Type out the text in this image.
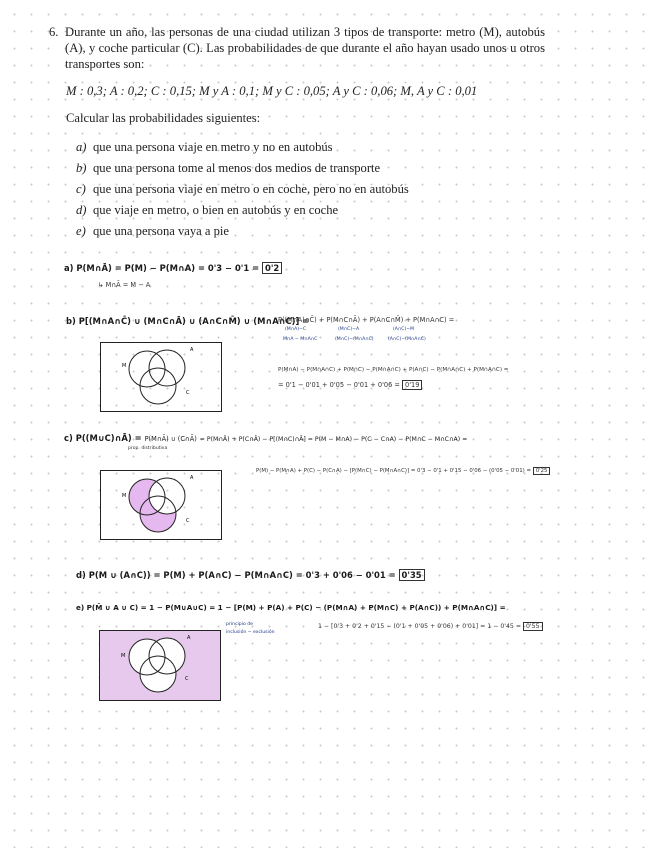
6. Durante un año, las personas de una ciudad utilizan 3 tipos de transporte: metro (M), autobús (A), y coche particular (C). Las probabilidades de que durante el año hayan usado unos u otros transportes son:
M : 0,3; A : 0,2; C : 0,15; M y A : 0,1; M y C : 0,05; A y C : 0,06; M, A y C : 0,01
Calcular las probabilidades siguientes:
a) que una persona viaje en metro y no en autobús
b) que una persona tome al menos dos medios de transporte
c) que una persona viaje en metro o en coche, pero no en autobús
d) que viaje en metro, o bien en autobús y en coche
e) que una persona vaya a pie
a) P(M∩Ā) = P(M) − P(M∩A) = 0'3 − 0'1 = 0'2
↳ M∩Ā = M − A
b) P[(M∩A∩C̄) ∪ (M∩C∩Ā) ∪ (A∩C∩M̄) ∪ (M∩A∩C)] =
P((M∩A)∩C̄) + P(M∩C∩Ā) + P(A∩C∩M̄) + P(M∩A∩C) =
(M∩A)−C
M∩A − M∩A∩C
(M∩C)−A
(M∩C)−(M∩A∩C)
(A∩C)−M
(A∩C)−(M∩A∩C)
P(M∩A) − P(M∩A∩C) + P(M∩C) − P(M∩A∩C) + P(A∩C) − P(M∩A∩C) + P(M∩A∩C) =
= 0'1 − 0'01 + 0'05 − 0'01 + 0'06 = 0'19
M
A
C
c) P((M∪C)∩Ā) = P(M∩Ā) ∪ (C∩Ā) = P(M∩Ā) + P(C∩Ā) − P[(M∩C)∩Ā] = P(M − M∩A) − P(C − C∩A) − P(M∩C − M∩C∩A) =
prop. distributiva
P(M) − P(M∩A) + P(C) − P(C∩A) − [P(M∩C) − P(M∩A∩C)] = 0'3 − 0'1 + 0'15 − 0'06 − (0'05 − 0'01) = 0'25
M
A
C
d) P(M ∪ (A∩C)) = P(M) + P(A∩C) − P(M∩A∩C) = 0'3 + 0'06 − 0'01 = 0'35
e) P(M̄ ∪ A ∪ C) = 1 − P(M∪A∪C) = 1 − [P(M) + P(A) + P(C) − (P(M∩A) + P(M∩C) + P(A∩C)) + P(M∩A∩C)] =
principio de
inclusión − exclusión
1 − [0'3 + 0'2 + 0'15 − (0'1 + 0'05 + 0'06) + 0'01] = 1 − 0'45 = 0'55
M
A
C
